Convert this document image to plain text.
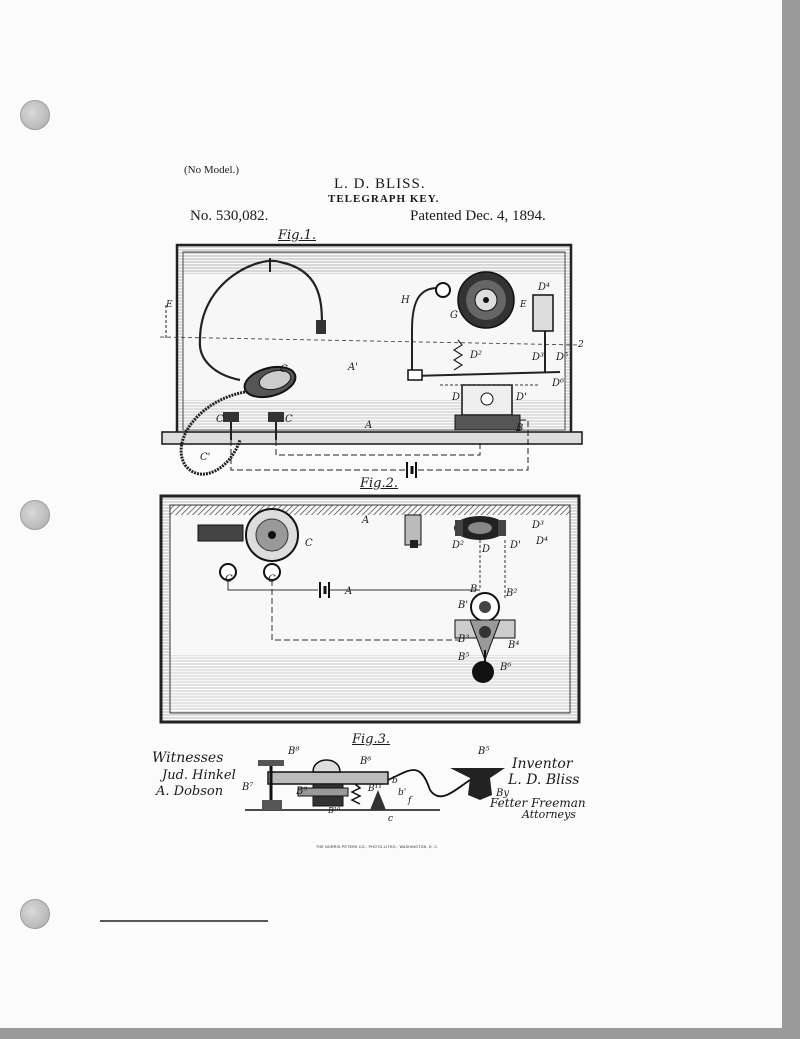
(No Model.)
L. D. BLISS.
TELEGRAPH KEY.
No. 530,082.	Patented Dec. 4, 1894.
Fig.1.
Fig.2.
Fig.3.
C
C	C
C'
H
G
D	D'
D²	D³
D⁴
D⁵
D⁶
A
A'
B
E	E
2
A
A
C
C	C
D D'
D²
D³
D⁴
B
B'
B²
B³
B⁴
B⁵
B⁶
B⁸
B⁶
B⁷	B⁹
B¹⁰
B¹¹
B⁵
b
b'
f
c
Witnesses
Jud. Hinkel
A. Dobson
Inventor
L. D. Bliss
By
Fetter Freeman
Attorneys
THE NORRIS PETERS CO., PHOTO-LITHO., WASHINGTON, D. C.
